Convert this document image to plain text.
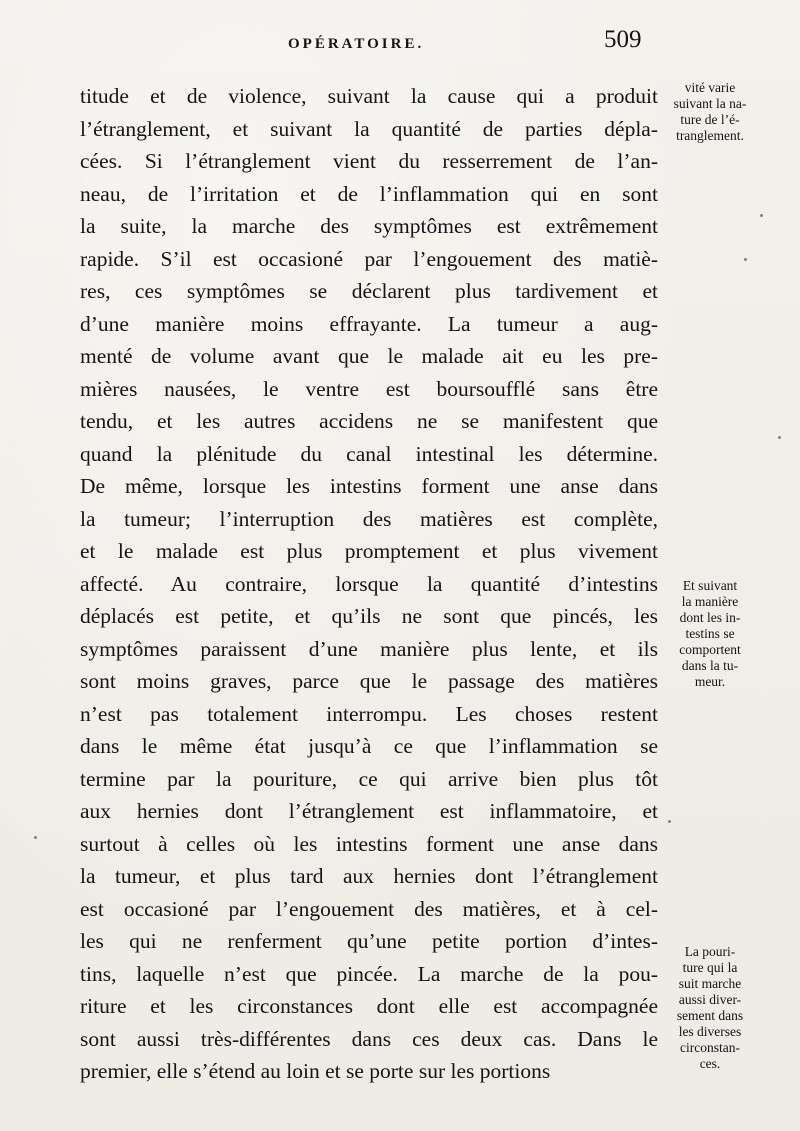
OPÉRATOIRE.	509
titude et de violence, suivant la cause qui a produit
l’étranglement, et suivant la quantité de parties dépla-
cées. Si l’étranglement vient du resserrement de l’an-
neau, de l’irritation et de l’inflammation qui en sont
la suite, la marche des symptômes est extrêmement
rapide. S’il est occasioné par l’engouement des matiè-
res, ces symptômes se déclarent plus tardivement et
d’une manière moins effrayante. La tumeur a aug-
menté de volume avant que le malade ait eu les pre-
mières nausées, le ventre est boursoufflé sans être
tendu, et les autres accidens ne se manifestent que
quand la plénitude du canal intestinal les détermine.
De même, lorsque les intestins forment une anse dans
la tumeur; l’interruption des matières est complète,
et le malade est plus promptement et plus vivement
affecté. Au contraire, lorsque la quantité d’intestins
déplacés est petite, et qu’ils ne sont que pincés, les
symptômes paraissent d’une manière plus lente, et ils
sont moins graves, parce que le passage des matières
n’est pas totalement interrompu. Les choses restent
dans le même état jusqu’à ce que l’inflammation se
termine par la pouriture, ce qui arrive bien plus tôt
aux hernies dont l’étranglement est inflammatoire, et
surtout à celles où les intestins forment une anse dans
la tumeur, et plus tard aux hernies dont l’étranglement
est occasioné par l’engouement des matières, et à cel-
les qui ne renferment qu’une petite portion d’intes-
tins, laquelle n’est que pincée. La marche de la pou-
riture et les circonstances dont elle est accompagnée
sont aussi très-différentes dans ces deux cas. Dans le
premier, elle s’étend au loin et se porte sur les portions
vité varie
suivant la na-
ture de l’é-
tranglement.
Et suivant
la manière
dont les in-
testins se
comportent
dans la tu-
meur.
La pouri-
ture qui la
suit marche
aussi diver-
sement dans
les diverses
circonstan-
ces.
